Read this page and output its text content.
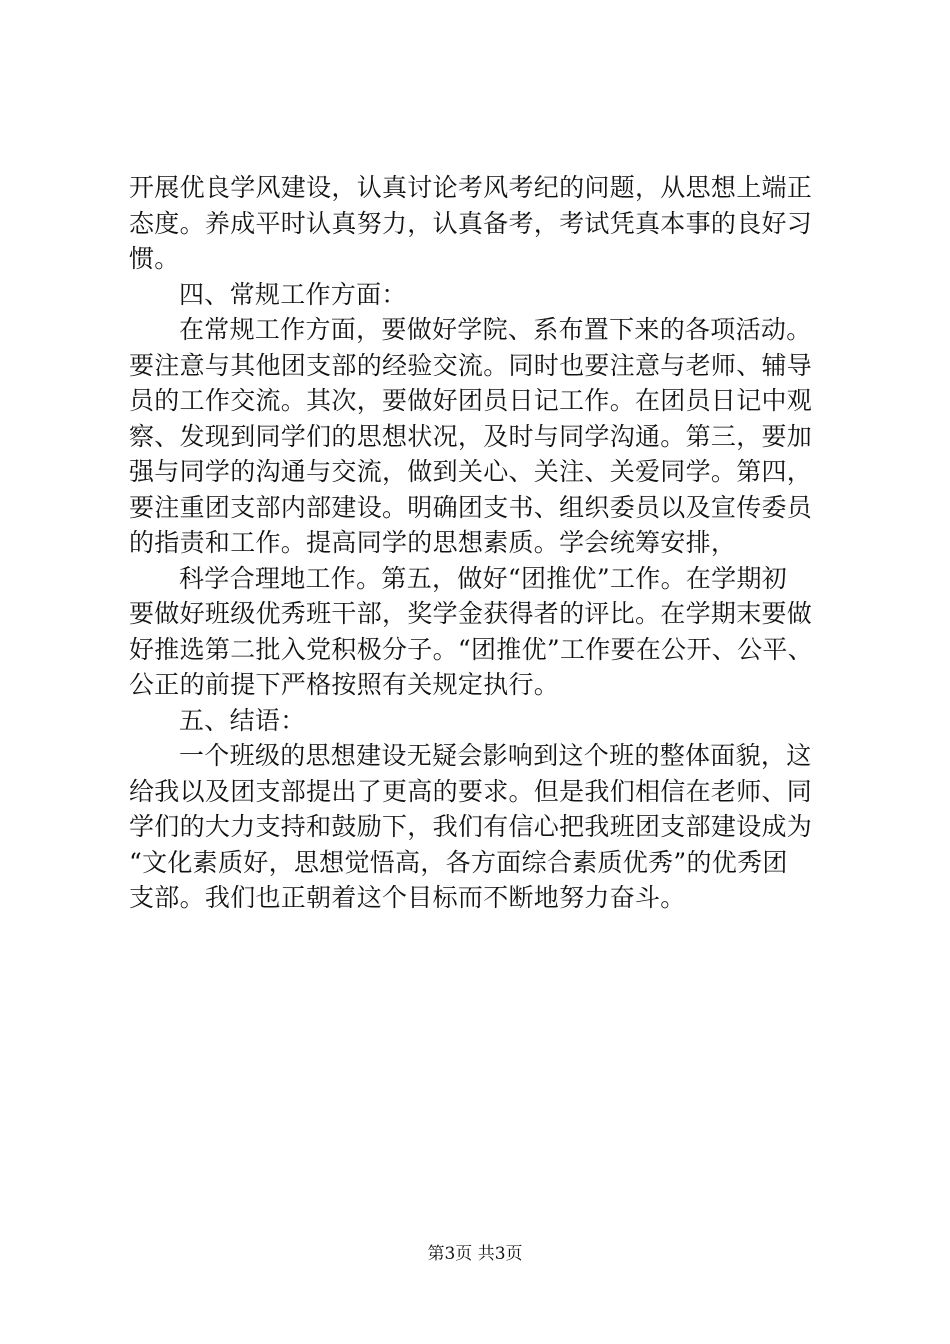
开展优良学风建设，认真讨论考风考纪的问题，从思想上端正
态度。养成平时认真努力，认真备考，考试凭真本事的良好习
惯。
四、常规工作方面：
在常规工作方面，要做好学院、系布置下来的各项活动。
要注意与其他团支部的经验交流。同时也要注意与老师、辅导
员的工作交流。其次，要做好团员日记工作。在团员日记中观
察、发现到同学们的思想状况，及时与同学沟通。第三，要加
强与同学的沟通与交流，做到关心、关注、关爱同学。第四，
要注重团支部内部建设。明确团支书、组织委员以及宣传委员
的指责和工作。提高同学的思想素质。学会统筹安排，
科学合理地工作。第五，做好“团推优”工作。在学期初
要做好班级优秀班干部，奖学金获得者的评比。在学期末要做
好推选第二批入党积极分子。“团推优”工作要在公开、公平、
公正的前提下严格按照有关规定执行。
五、结语：
一个班级的思想建设无疑会影响到这个班的整体面貌，这
给我以及团支部提出了更高的要求。但是我们相信在老师、同
学们的大力支持和鼓励下，我们有信心把我班团支部建设成为
“文化素质好，思想觉悟高，各方面综合素质优秀”的优秀团
支部。我们也正朝着这个目标而不断地努力奋斗。
第3页 共3页
